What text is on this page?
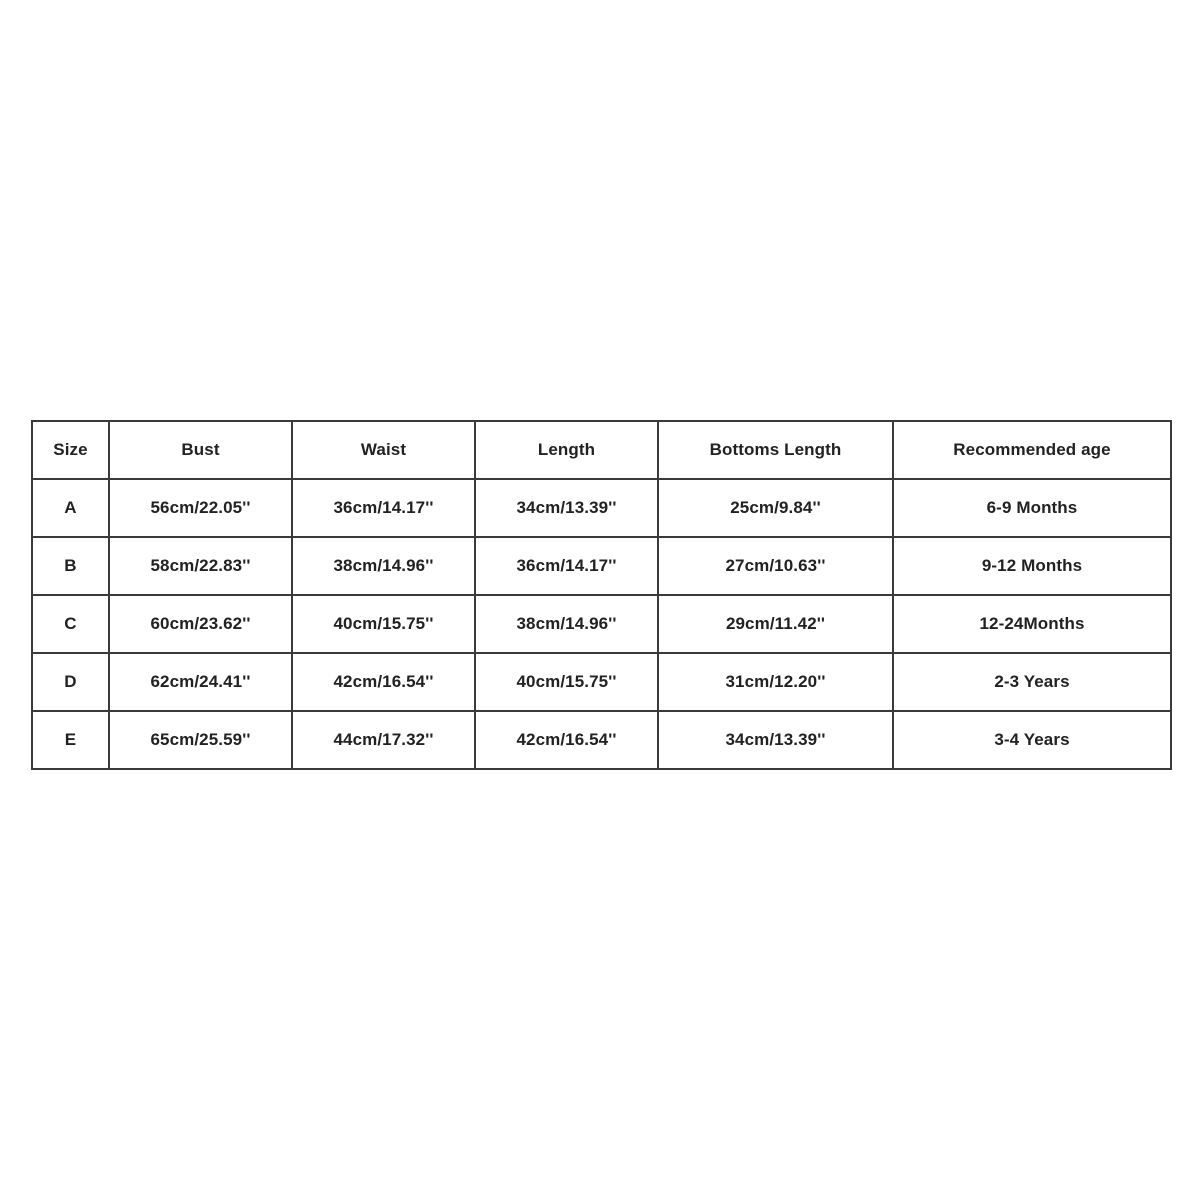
Size	Bust	Waist	Length	Bottoms Length	Recommended age
A	56cm/22.05''	36cm/14.17''	34cm/13.39''	25cm/9.84''	6-9 Months
B	58cm/22.83''	38cm/14.96''	36cm/14.17''	27cm/10.63''	9-12 Months
C	60cm/23.62''	40cm/15.75''	38cm/14.96''	29cm/11.42''	12-24Months
D	62cm/24.41''	42cm/16.54''	40cm/15.75''	31cm/12.20''	2-3 Years
E	65cm/25.59''	44cm/17.32''	42cm/16.54''	34cm/13.39''	3-4 Years
